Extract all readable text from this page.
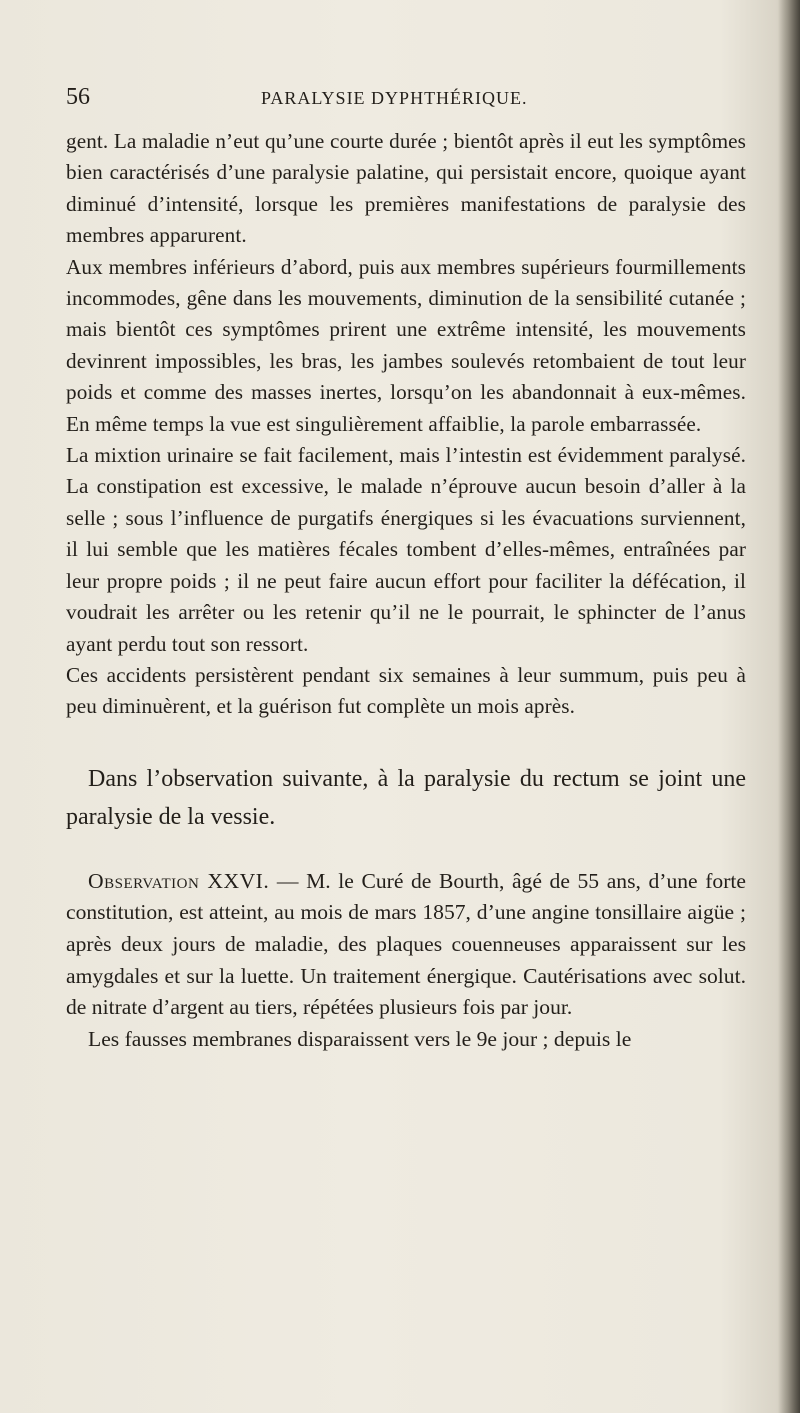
56	PARALYSIE DYPHTHÉRIQUE.

gent. La maladie n’eut qu’une courte durée ; bientôt après il eut les symptômes bien caractérisés d’une paralysie palatine, qui persistait encore, quoique ayant diminué d’intensité, lorsque les premières manifestations de paralysie des membres apparurent.

Aux membres inférieurs d’abord, puis aux membres supérieurs fourmillements incommodes, gêne dans les mouvements, diminution de la sensibilité cutanée ; mais bientôt ces symptômes prirent une extrême intensité, les mouvements devinrent impossibles, les bras, les jambes soulevés retombaient de tout leur poids et comme des masses inertes, lorsqu’on les abandonnait à eux-mêmes. En même temps la vue est singulièrement affaiblie, la parole embarrassée.

La mixtion urinaire se fait facilement, mais l’intestin est évidemment paralysé. La constipation est excessive, le malade n’éprouve aucun besoin d’aller à la selle ; sous l’influence de purgatifs énergiques si les évacuations surviennent, il lui semble que les matières fécales tombent d’elles-mêmes, entraînées par leur propre poids ; il ne peut faire aucun effort pour faciliter la défécation, il voudrait les arrêter ou les retenir qu’il ne le pourrait, le sphincter de l’anus ayant perdu tout son ressort.

Ces accidents persistèrent pendant six semaines à leur summum, puis peu à peu diminuèrent, et la guérison fut complète un mois après.

Dans l’observation suivante, à la paralysie du rectum se joint une paralysie de la vessie.

Observation XXVI. — M. le Curé de Bourth, âgé de 55 ans, d’une forte constitution, est atteint, au mois de mars 1857, d’une angine tonsillaire aigüe ; après deux jours de maladie, des plaques couenneuses apparaissent sur les amygdales et sur la luette. Un traitement énergique. Cautérisations avec solut. de nitrate d’argent au tiers, répétées plusieurs fois par jour.

Les fausses membranes disparaissent vers le 9e jour ; depuis le
